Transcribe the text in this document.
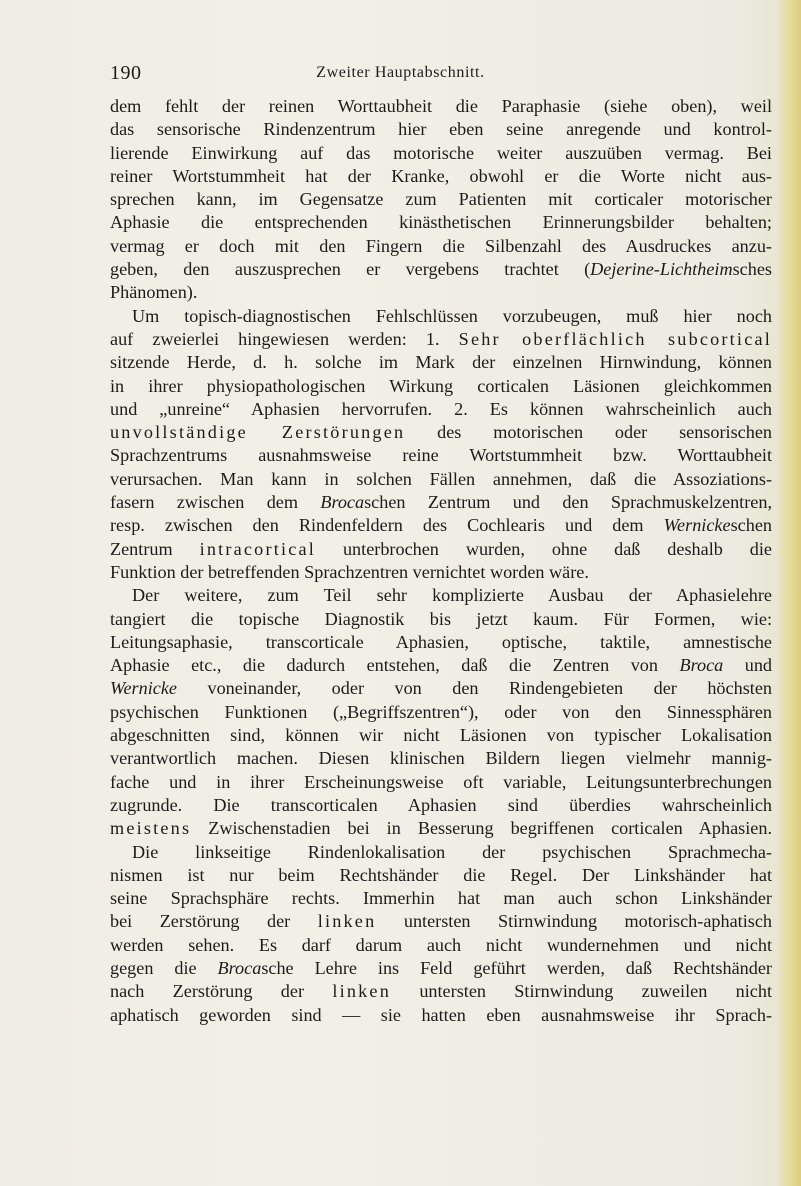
190	Zweiter Hauptabschnitt.
dem fehlt der reinen Worttaubheit die Paraphasie (siehe oben), weil
das sensorische Rindenzentrum hier eben seine anregende und kontrol-
lierende Einwirkung auf das motorische weiter auszuüben vermag. Bei
reiner Wortstummheit hat der Kranke, obwohl er die Worte nicht aus-
sprechen kann, im Gegensatze zum Patienten mit corticaler motorischer
Aphasie die entsprechenden kinästhetischen Erinnerungsbilder behalten;
vermag er doch mit den Fingern die Silbenzahl des Ausdruckes anzu-
geben, den auszusprechen er vergebens trachtet (Dejerine-Lichtheimsches
Phänomen).
Um topisch-diagnostischen Fehlschlüssen vorzubeugen, muß hier noch
auf zweierlei hingewiesen werden: 1. Sehr oberflächlich subcortical
sitzende Herde, d. h. solche im Mark der einzelnen Hirnwindung, können
in ihrer physiopathologischen Wirkung corticalen Läsionen gleichkommen
und „unreine“ Aphasien hervorrufen. 2. Es können wahrscheinlich auch
unvollständige Zerstörungen des motorischen oder sensorischen
Sprachzentrums ausnahmsweise reine Wortstummheit bzw. Worttaubheit
verursachen. Man kann in solchen Fällen annehmen, daß die Assoziations-
fasern zwischen dem Brocaschen Zentrum und den Sprachmuskelzentren,
resp. zwischen den Rindenfeldern des Cochlearis und dem Wernickeschen
Zentrum intracortical unterbrochen wurden, ohne daß deshalb die
Funktion der betreffenden Sprachzentren vernichtet worden wäre.
Der weitere, zum Teil sehr komplizierte Ausbau der Aphasielehre
tangiert die topische Diagnostik bis jetzt kaum. Für Formen, wie:
Leitungsaphasie, transcorticale Aphasien, optische, taktile, amnestische
Aphasie etc., die dadurch entstehen, daß die Zentren von Broca und
Wernicke voneinander, oder von den Rindengebieten der höchsten
psychischen Funktionen („Begriffszentren“), oder von den Sinnessphären
abgeschnitten sind, können wir nicht Läsionen von typischer Lokalisation
verantwortlich machen. Diesen klinischen Bildern liegen vielmehr mannig-
fache und in ihrer Erscheinungsweise oft variable, Leitungsunterbrechungen
zugrunde. Die transcorticalen Aphasien sind überdies wahrscheinlich
meistens Zwischenstadien bei in Besserung begriffenen corticalen Aphasien.
Die linkseitige Rindenlokalisation der psychischen Sprachmecha-
nismen ist nur beim Rechtshänder die Regel. Der Linkshänder hat
seine Sprachsphäre rechts. Immerhin hat man auch schon Linkshänder
bei Zerstörung der linken untersten Stirnwindung motorisch-aphatisch
werden sehen. Es darf darum auch nicht wundernehmen und nicht
gegen die Brocasche Lehre ins Feld geführt werden, daß Rechtshänder
nach Zerstörung der linken untersten Stirnwindung zuweilen nicht
aphatisch geworden sind — sie hatten eben ausnahmsweise ihr Sprach-
